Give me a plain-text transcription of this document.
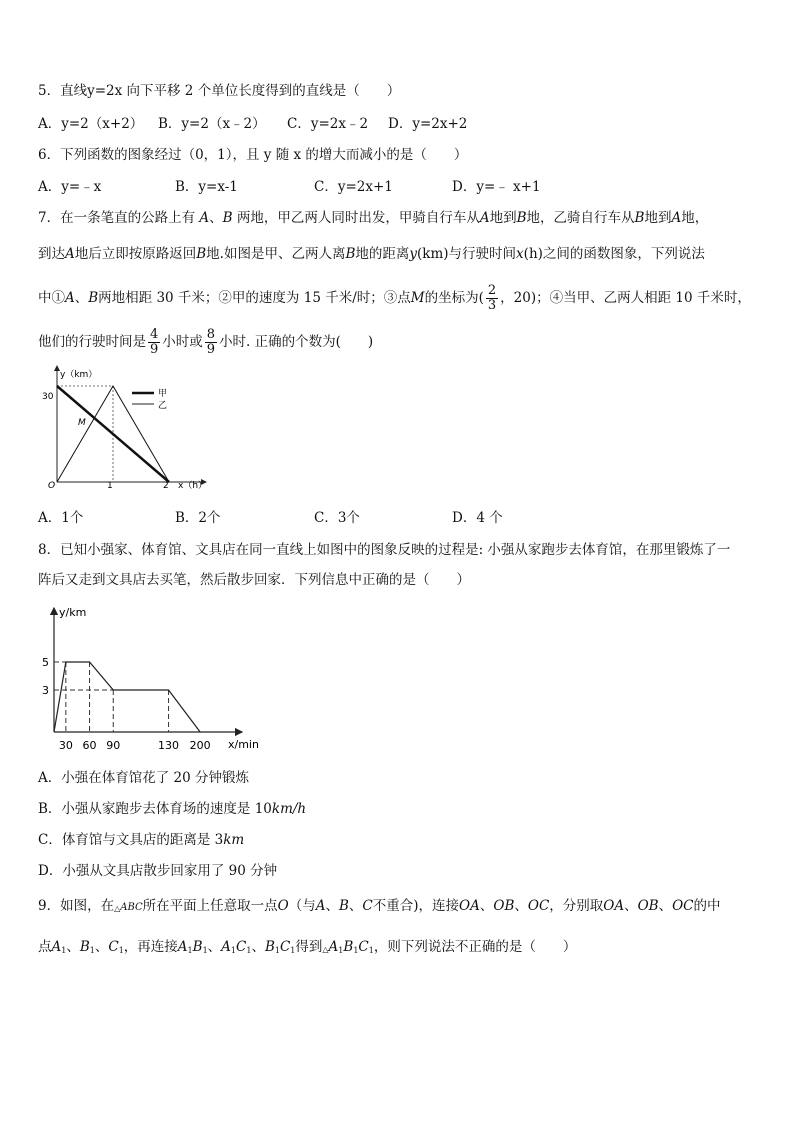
5．直线y=2x 向下平移 2 个单位长度得到的直线是（　　）
A．y=2（x+2） B．y=2（x﹣2） C．y=2x﹣2 D．y=2x+2
6．下列函数的图象经过（0，1），且 y 随 x 的增大而减小的是（　　）
A．y=﹣x	B．y=x-1	C．y=2x+1	D．y=﹣ x+1
7．在一条笔直的公路上有 A、B 两地，甲乙两人同时出发，甲骑自行车从A地到B地，乙骑自行车从B地到A地，
到达A地后立即按原路返回B地.如图是甲、乙两人离B地的距离y(km)与行驶时间x(h)之间的函数图象，下列说法
中①A、B两地相距 30 千米；②甲的速度为 15 千米/时；③点M的坐标为( $\frac{2}{3}$ ，20)；④当甲、乙两人相距 10 千米时，
他们的行驶时间是 $\frac{4}{9}$ 小时或 $\frac{8}{9}$ 小时. 正确的个数为(　　)
y（km）
x（h）
O
30
1	2
M
甲
乙
A．1个	B．2个	C．3个	D．4 个
8．已知小强家、体育馆、文具店在同一直线上如图中的图象反映的过程是: 小强从家跑步去体育馆，在那里锻炼了一
阵后又走到文具店去买笔，然后散步回家．下列信息中正确的是（　　）
y/km
x/min
30 60 90	130 200
5
3
A．小强在体育馆花了 20 分钟锻炼
B．小强从家跑步去体育场的速度是 10km/h
C．体育馆与文具店的距离是 3km
D．小强从文具店散步回家用了 90 分钟
9．如图，在△ABC所在平面上任意取一点O（与A、B、C不重合)，连接OA、OB、OC，分别取OA、OB、OC的中
点$A_1$、$B_1$、$C_1$，再连接$A_1B_1$、$A_1C_1$、$B_1C_1$得到$\triangle A_1B_1C_1$，则下列说法不正确的是（　　）
